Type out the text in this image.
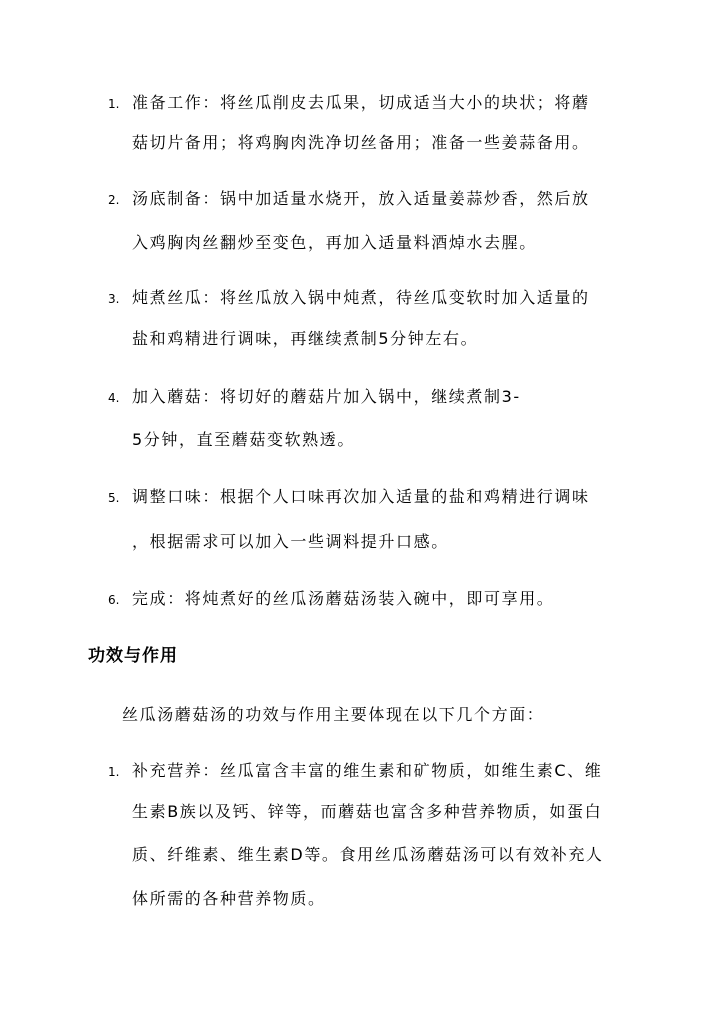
1. 准备工作：将丝瓜削皮去瓜果，切成适当大小的块状；将蘑
菇切片备用；将鸡胸肉洗净切丝备用；准备一些姜蒜备用。
2. 汤底制备：锅中加适量水烧开，放入适量姜蒜炒香，然后放
入鸡胸肉丝翻炒至变色，再加入适量料酒焯水去腥。
3. 炖煮丝瓜：将丝瓜放入锅中炖煮，待丝瓜变软时加入适量的
盐和鸡精进行调味，再继续煮制5分钟左右。
4. 加入蘑菇：将切好的蘑菇片加入锅中，继续煮制3-
5分钟，直至蘑菇变软熟透。
5. 调整口味：根据个人口味再次加入适量的盐和鸡精进行调味
，根据需求可以加入一些调料提升口感。
6. 完成：将炖煮好的丝瓜汤蘑菇汤装入碗中，即可享用。
功效与作用
丝瓜汤蘑菇汤的功效与作用主要体现在以下几个方面：
1. 补充营养：丝瓜富含丰富的维生素和矿物质，如维生素C、维
生素B族以及钙、锌等，而蘑菇也富含多种营养物质，如蛋白
质、纤维素、维生素D等。食用丝瓜汤蘑菇汤可以有效补充人
体所需的各种营养物质。
